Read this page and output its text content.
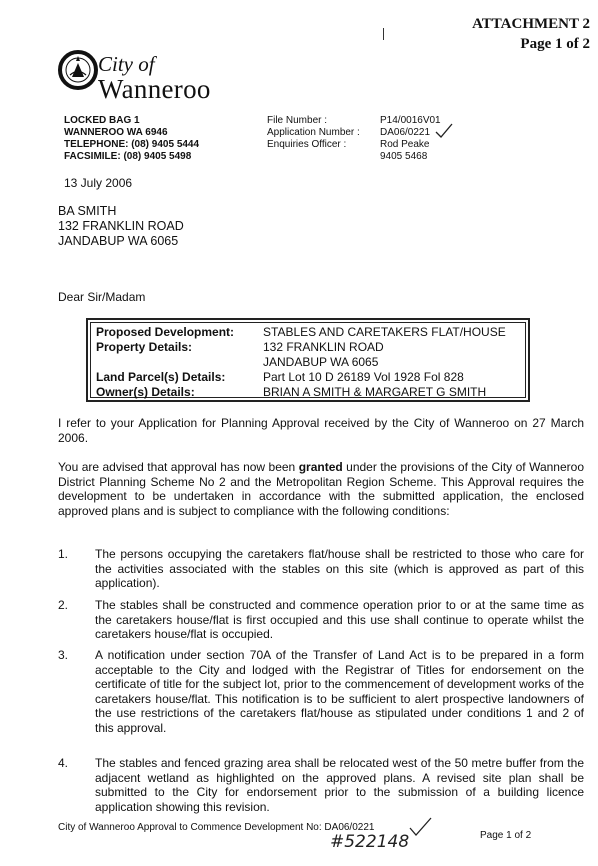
ATTACHMENT 2
Page 1 of 2
City of
Wanneroo
LOCKED BAG 1
WANNEROO WA 6946
TELEPHONE: (08) 9405 5444
FACSIMILE: (08) 9405 5498
File Number :	P14/0016V01
Application Number :	DA06/0221
Enquiries Officer :	Rod Peake
9405 5468
13 July 2006
BA SMITH
132 FRANKLIN ROAD
JANDABUP WA 6065
Dear Sir/Madam
Proposed Development: STABLES AND CARETAKERS FLAT/HOUSE
Property Details:	132 FRANKLIN ROAD
JANDABUP WA 6065
Land Parcel(s) Details:	Part Lot 10 D 26189 Vol 1928 Fol 828
Owner(s) Details:	BRIAN A SMITH & MARGARET G SMITH
I refer to your Application for Planning Approval received by the City of Wanneroo on 27 March 2006.
You are advised that approval has now been granted under the provisions of the City of Wanneroo District Planning Scheme No 2 and the Metropolitan Region Scheme. This Approval requires the development to be undertaken in accordance with the submitted application, the enclosed approved plans and is subject to compliance with the following conditions:
1. The persons occupying the caretakers flat/house shall be restricted to those who care for the activities associated with the stables on this site (which is approved as part of this application).
2. The stables shall be constructed and commence operation prior to or at the same time as the caretakers house/flat is first occupied and this use shall continue to operate whilst the caretakers house/flat is occupied.
3. A notification under section 70A of the Transfer of Land Act is to be prepared in a form acceptable to the City and lodged with the Registrar of Titles for endorsement on the certificate of title for the subject lot, prior to the commencement of development works of the caretakers house/flat. This notification is to be sufficient to alert prospective landowners of the use restrictions of the caretakers flat/house as stipulated under conditions 1 and 2 of this approval.
4. The stables and fenced grazing area shall be relocated west of the 50 metre buffer from the adjacent wetland as highlighted on the approved plans. A revised site plan shall be submitted to the City for endorsement prior to the submission of a building licence application showing this revision.
City of Wanneroo Approval to Commence Development No: DA06/0221
#522148	Page 1 of 2
